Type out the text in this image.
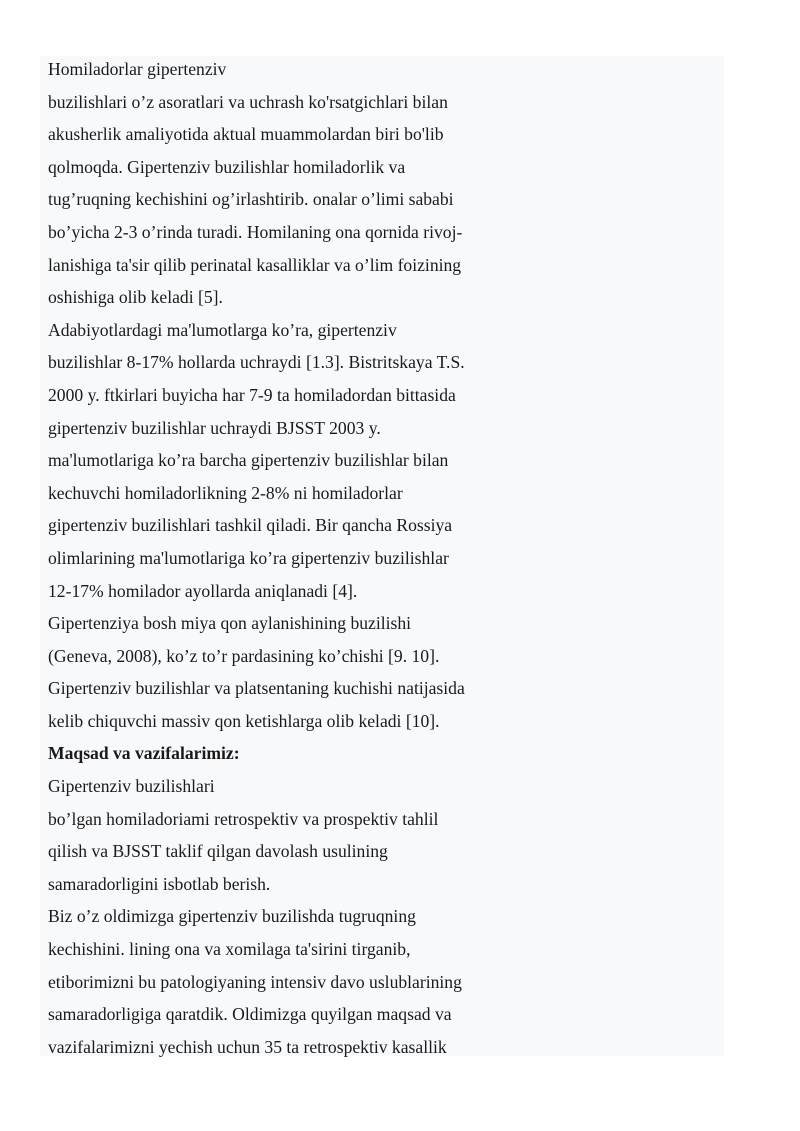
Homiladorlar gipertenziv
buzilishlari o’z asoratlari va uchrash ko'rsatgichlari bilan
akusherlik amaliyotida aktual muammolardan biri bo'lib
qolmoqda. Gipertenziv buzilishlar homiladorlik va
tug’ruqning kechishini og’irlashtirib. onalar o’limi sababi
bo’yicha 2-3 o’rinda turadi. Homilaning ona qornida rivoj-
lanishiga ta'sir qilib perinatal kasalliklar va o’lim foizining
oshishiga olib keladi [5].
Adabiyotlardagi ma'lumotlarga ko’ra, gipertenziv
buzilishlar 8-17% hollarda uchraydi [1.3]. Bistritskaya T.S.
2000 y. ftkirlari buyicha har 7-9 ta homiladordan bittasida
gipertenziv buzilishlar uchraydi BJSST 2003 y.
ma'lumotlariga ko’ra barcha gipertenziv buzilishlar bilan
kechuvchi homiladorlikning 2-8% ni homiladorlar
gipertenziv buzilishlari tashkil qiladi. Bir qancha Rossiya
olimlarining ma'lumotlariga ko’ra gipertenziv buzilishlar
12-17% homilador ayollarda aniqlanadi [4].
Gipertenziya bosh miya qon aylanishining buzilishi
(Geneva, 2008), ko’z to’r pardasining ko’chishi [9. 10].
Gipertenziv buzilishlar va platsentaning kuchishi natijasida
kelib chiquvchi massiv qon ketishlarga olib keladi [10].
Maqsad va vazifalarimiz:
Gipertenziv buzilishlari
bo’lgan homiladoriami retrospektiv va prospektiv tahlil
qilish va BJSST taklif qilgan davolash usulining
samaradorligini isbotlab berish.
Biz o’z oldimizga gipertenziv buzilishda tugruqning
kechishini. lining ona va xomilaga ta'sirini tirganib,
etiborimizni bu patologiyaning intensiv davo uslublarining
samaradorligiga qaratdik. Oldimizga quyilgan maqsad va
vazifalarimizni yechish uchun 35 ta retrospektiv kasallik
